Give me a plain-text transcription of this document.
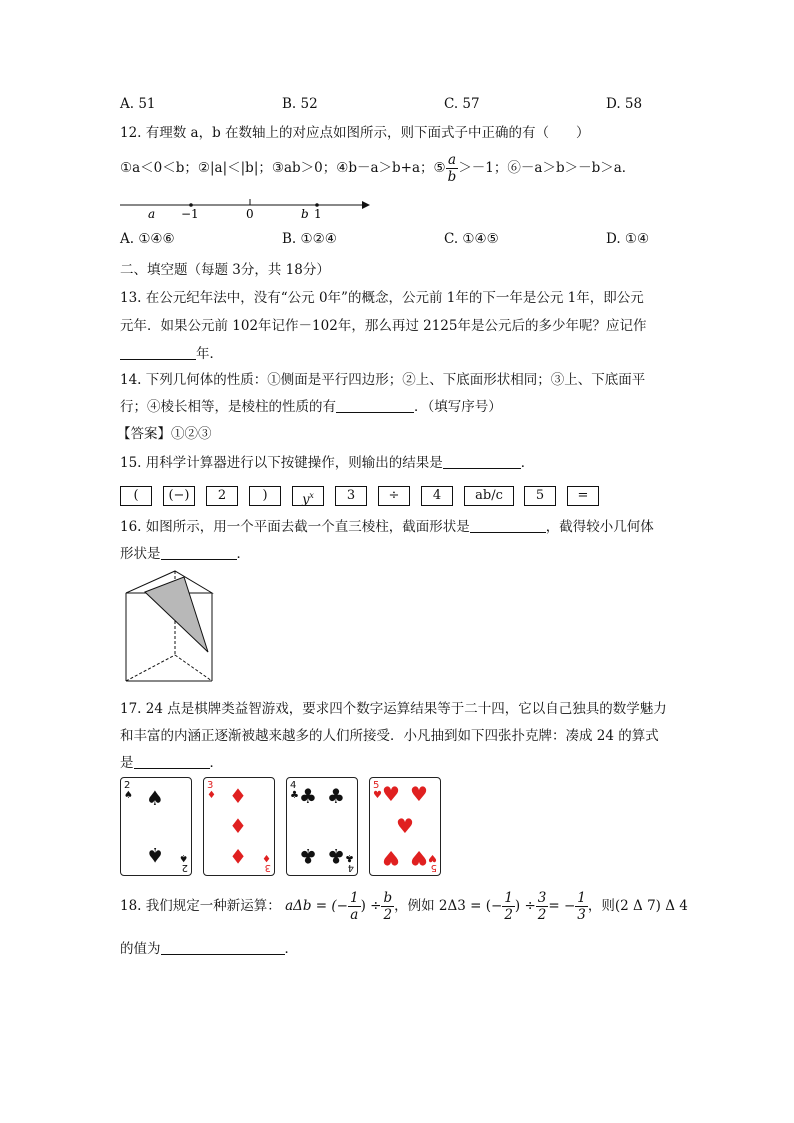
A. 51	B. 52	C. 57	D. 58
12. 有理数 a，b 在数轴上的对应点如图所示，则下面式子中正确的有（　　）
①a＜0＜b；②|a|＜|b|；③ab＞0；④b－a＞b+a；⑤ $\frac{a}{b} >-1$；⑥－a＞b＞－b＞a．
a −1	0	b 1
A. ①④⑥	B. ①②④	C. ①④⑤	D. ①④
二、填空题（每题 3分，共 18分）
13. 在公元纪年法中，没有“公元 0年”的概念，公元前 1年的下一年是公元 1年，即公元
元年．如果公元前 102年记作－102年，那么再过 2125年是公元后的多少年呢？应记作
年．
14. 下列几何体的性质：①侧面是平行四边形；②上、下底面形状相同；③上、下底面平
行；④棱长相等，是棱柱的性质的有	．（填写序号）
【答案】①②③
15. 用科学计算器进行以下按键操作，则输出的结果是	．
(	(−)	2	)	$y^x$	3	÷	4	ab/c	5	=
16. 如图所示，用一个平面去截一个直三棱柱，截面形状是	，截得较小几何体
形状是	．
17. 24 点是棋牌类益智游戏，要求四个数字运算结果等于二十四，它以自己独具的数学魅力
和丰富的内涵正逐渐被越来越多的人们所接受．小凡抽到如下四张扑克牌：凑成 24 的算式
是	．
2
♠ ♠
♠
2
♠
3
♦ ♦
♦
♦ 3
♦
4
♣ ♣ ♣
♣ ♣ 4
♣
5
♥ ♥ ♥
♥
♥ ♥ 5
♥
18. 我们规定一种新运算： aΔb = (− $\frac{1}{a}$ ) ÷ $\frac{b}{2}$ ，例如 2Δ3 = (− $\frac{1}{2}$ ) ÷ $\frac{3}{2}$ = − $\frac{1}{3}$ ，则(2 Δ 7) Δ 4
的值为	．
